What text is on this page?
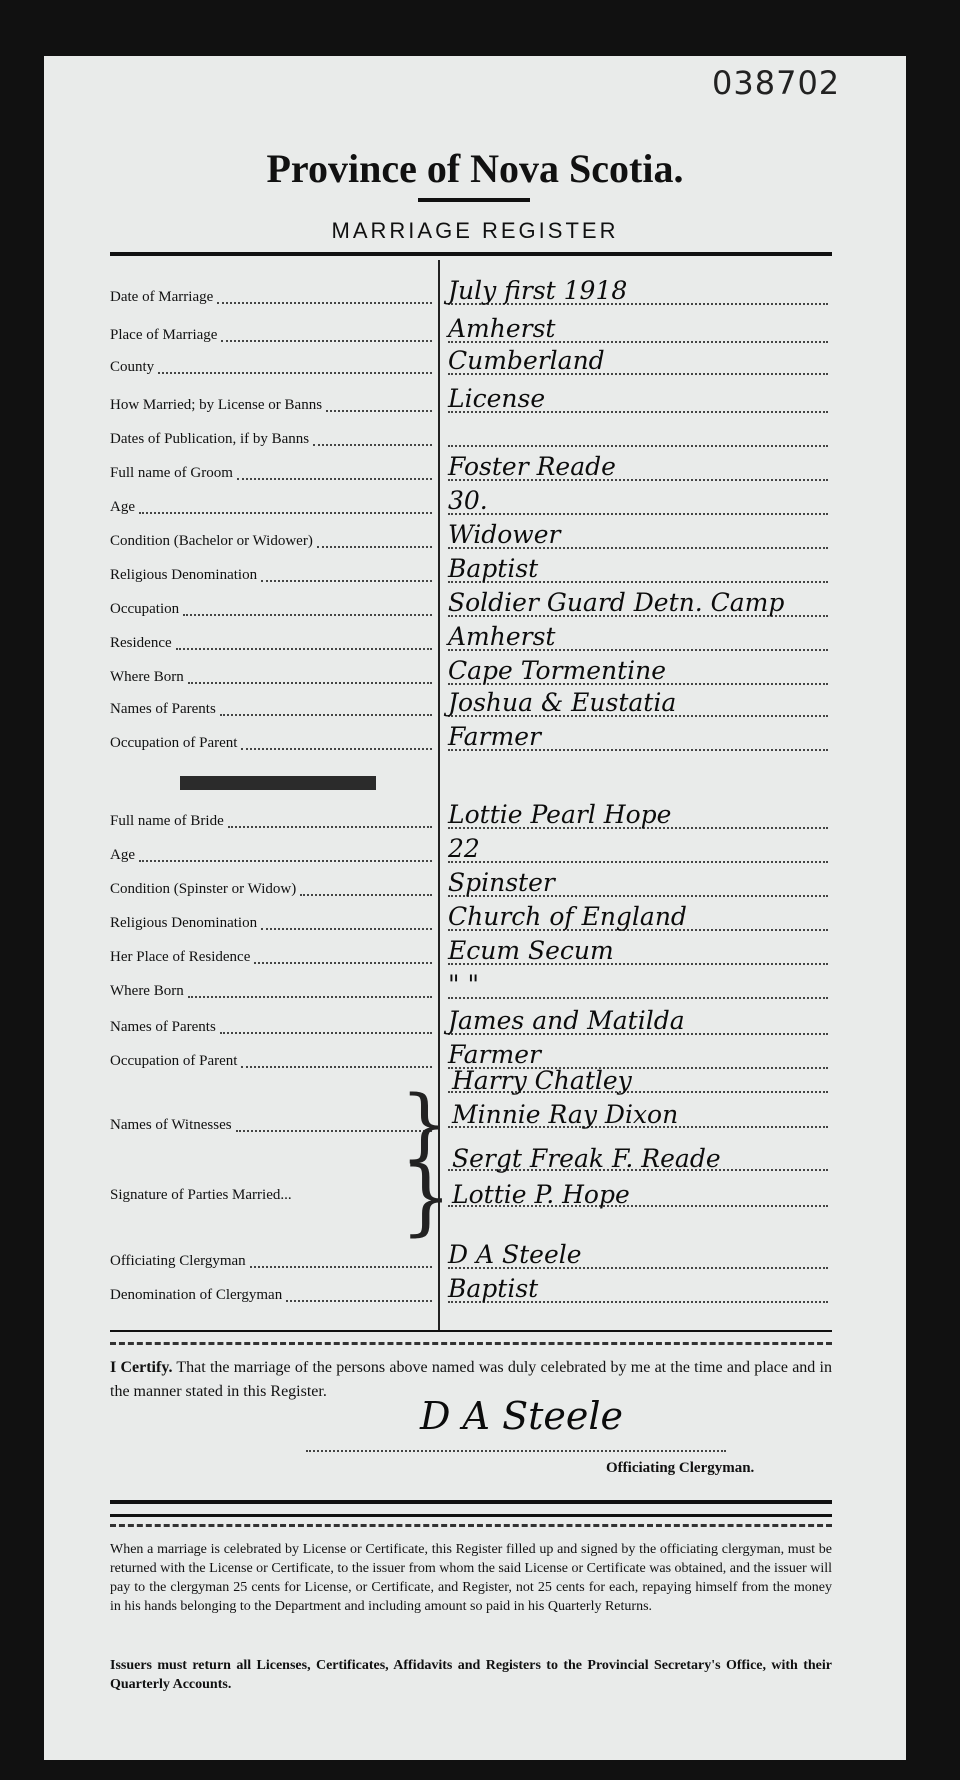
038702
Province of Nova Scotia.
MARRIAGE REGISTER
Date of Marriage	July first 1918
Place of Marriage	Amherst
County	Cumberland
How Married; by License or Banns	License
Dates of Publication, if by Banns
Full name of Groom	Foster Reade
Age	30.
Condition (Bachelor or Widower)	Widower
Religious Denomination	Baptist
Occupation	Soldier Guard Detn. Camp
Residence	Amherst
Where Born	Cape Tormentine
Names of Parents	Joshua & Eustatia
Occupation of Parent	Farmer
Full name of Bride	Lottie Pearl Hope
Age	22
Condition (Spinster or Widow)	Spinster
Religious Denomination	Church of England
Her Place of Residence	Ecum Secum
Where Born	" "
Names of Parents	James and Matilda
Occupation of Parent	Farmer
Names of Witnesses } Harry Chatley
Minnie Ray Dixon
Signature of Parties Married... } Sergt Freak F. Reade
Lottie P. Hope
Officiating Clergyman	D A Steele
Denomination of Clergyman	Baptist
I Certify. That the marriage of the persons above named was duly celebrated by me at the time and place and in the manner stated in this Register.
D A Steele
Officiating Clergyman.
When a marriage is celebrated by License or Certificate, this Register filled up and signed by the officiating clergyman, must be returned with the License or Certificate, to the issuer from whom the said License or Certificate was obtained, and the issuer will pay to the clergyman 25 cents for License, or Certificate, and Register, not 25 cents for each, repaying himself from the money in his hands belonging to the Department and including amount so paid in his Quarterly Returns.
Issuers must return all Licenses, Certificates, Affidavits and Registers to the Provincial Secretary's Office, with their Quarterly Accounts.
